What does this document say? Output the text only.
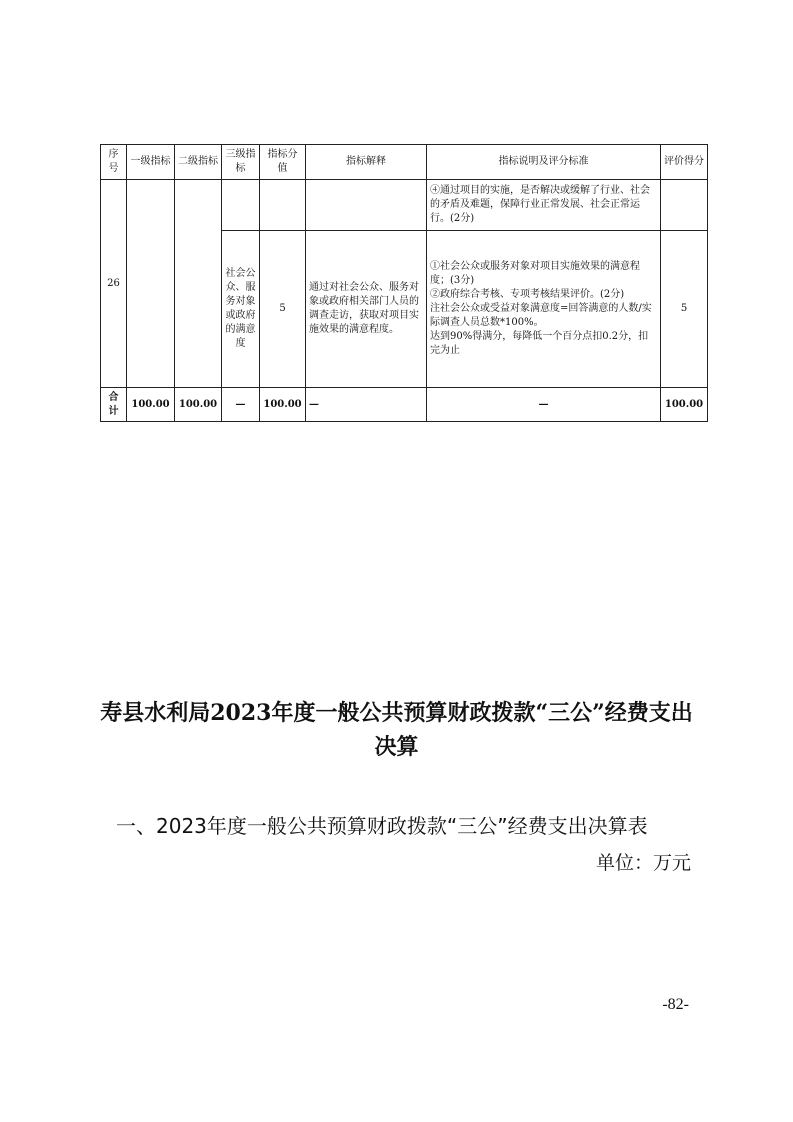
序号	一级指标	二级指标	三级指标	指标分值	指标解释	指标说明及评分标准	评价得分
26						④通过项目的实施，是否解决或缓解了行业、社会的矛盾及难题，保障行业正常发展、社会正常运行。(2分)	
			社会公众、服务对象或政府的满意度	5	通过对社会公众、服务对象或政府相关部门人员的调查走访，获取对项目实施效果的满意程度。	①社会公众或服务对象对项目实施效果的满意程度；(3分)
②政府综合考核、专项考核结果评价。(2分)
注社会公众或受益对象满意度=回答满意的人数/实际调查人员总数*100%。
达到90%得满分，每降低一个百分点扣0.2分，扣完为止	5
合计	100.00	100.00	—	100.00	—	—	100.00
寿县水利局2023年度一般公共预算财政拨款“三公”经费支出决算
一、2023年度一般公共预算财政拨款“三公”经费支出决算表
单位：万元
-82-
